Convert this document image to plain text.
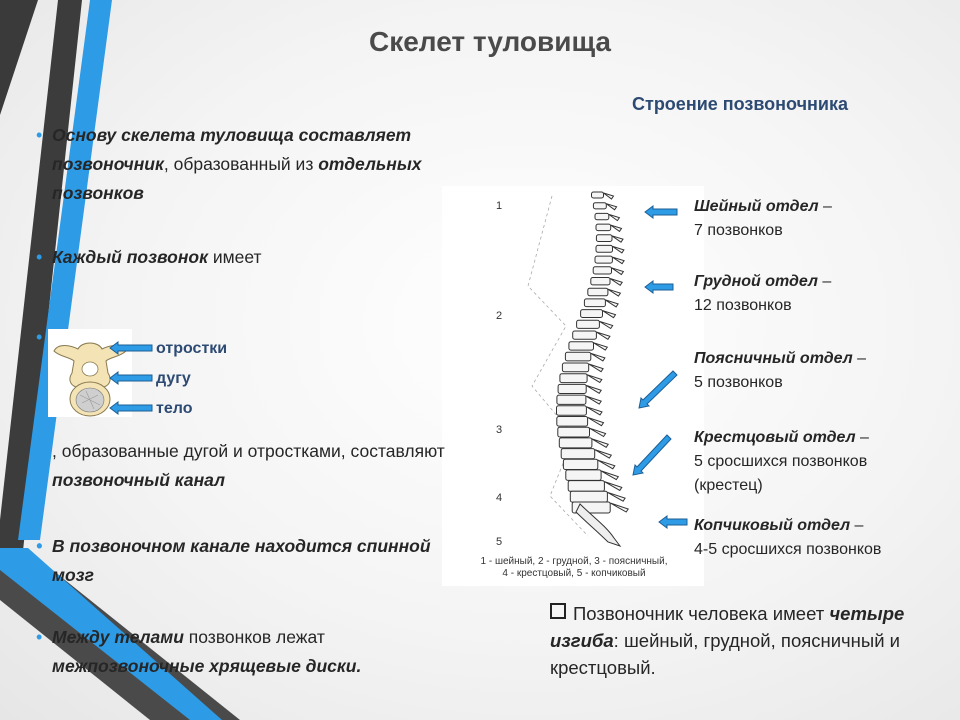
Скелет туловища
Строение позвоночника
• Основу скелета туловища составляет позвоночник, образованный из отдельных позвонков
• Каждый позвонок имеет
•
•
отростки
дугу
тело
• , образованные дугой и отростками, составляют позвоночный канал
• В позвоночном канале находится спинной мозг
• Между телами позвонков лежат межпозвоночные хрящевые диски.
1
2
3
4
5
1 - шейный, 2 - грудной, 3 - поясничный,
4 - крестцовый, 5 - копчиковый
Шейный отдел –
7 позвонков
Грудной отдел –
12 позвонков
Поясничный отдел –
5 позвонков
Крестцовый отдел –
5 сросшихся позвонков
(крестец)
Копчиковый отдел –
4-5 сросшихся позвонков
Позвоночник человека имеет четыре изгиба: шейный, грудной, поясничный и крестцовый.
